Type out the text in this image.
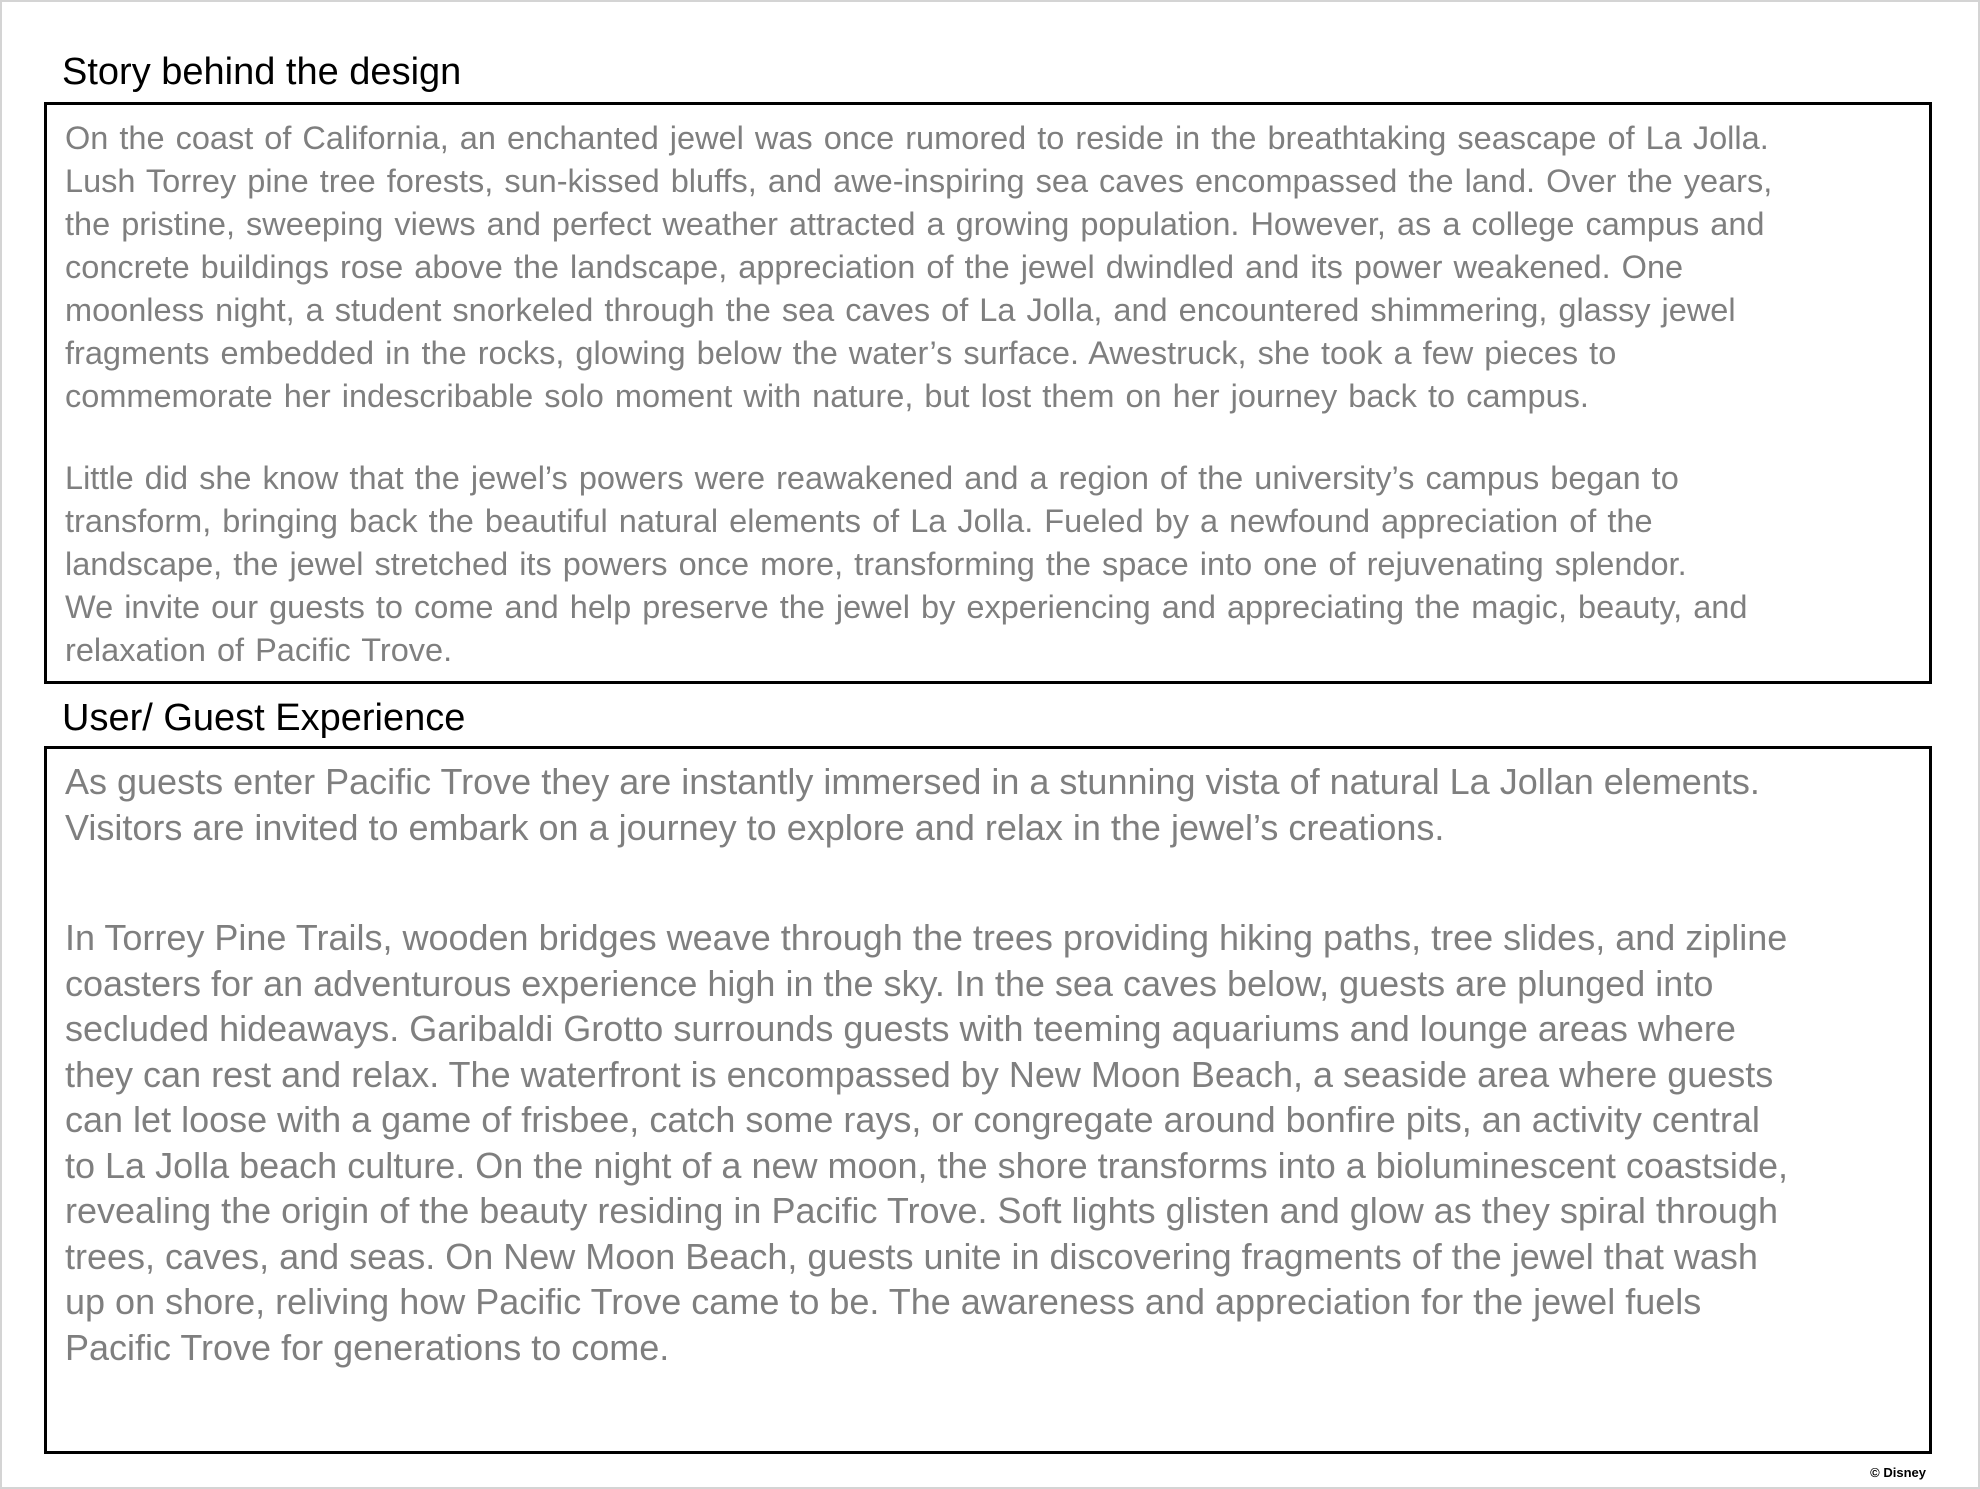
Story behind the design

On the coast of California, an enchanted jewel was once rumored to reside in the breathtaking seascape of La Jolla.
Lush Torrey pine tree forests, sun-kissed bluffs, and awe-inspiring sea caves encompassed the land. Over the years,
the pristine, sweeping views and perfect weather attracted a growing population. However, as a college campus and
concrete buildings rose above the landscape, appreciation of the jewel dwindled and its power weakened. One
moonless night, a student snorkeled through the sea caves of La Jolla, and encountered shimmering, glassy jewel
fragments embedded in the rocks, glowing below the water’s surface. Awestruck, she took a few pieces to
commemorate her indescribable solo moment with nature, but lost them on her journey back to campus.

Little did she know that the jewel’s powers were reawakened and a region of the university’s campus began to
transform, bringing back the beautiful natural elements of La Jolla. Fueled by a newfound appreciation of the
landscape, the jewel stretched its powers once more, transforming the space into one of rejuvenating splendor.
We invite our guests to come and help preserve the jewel by experiencing and appreciating the magic, beauty, and
relaxation of Pacific Trove.

User/ Guest Experience

As guests enter Pacific Trove they are instantly immersed in a stunning vista of natural La Jollan elements.
Visitors are invited to embark on a journey to explore and relax in the jewel’s creations.

In Torrey Pine Trails, wooden bridges weave through the trees providing hiking paths, tree slides, and zipline
coasters for an adventurous experience high in the sky. In the sea caves below, guests are plunged into
secluded hideaways. Garibaldi Grotto surrounds guests with teeming aquariums and lounge areas where
they can rest and relax. The waterfront is encompassed by New Moon Beach, a seaside area where guests
can let loose with a game of frisbee, catch some rays, or congregate around bonfire pits, an activity central
to La Jolla beach culture. On the night of a new moon, the shore transforms into a bioluminescent coastside,
revealing the origin of the beauty residing in Pacific Trove. Soft lights glisten and glow as they spiral through
trees, caves, and seas. On New Moon Beach, guests unite in discovering fragments of the jewel that wash
up on shore, reliving how Pacific Trove came to be. The awareness and appreciation for the jewel fuels
Pacific Trove for generations to come.

© Disney
